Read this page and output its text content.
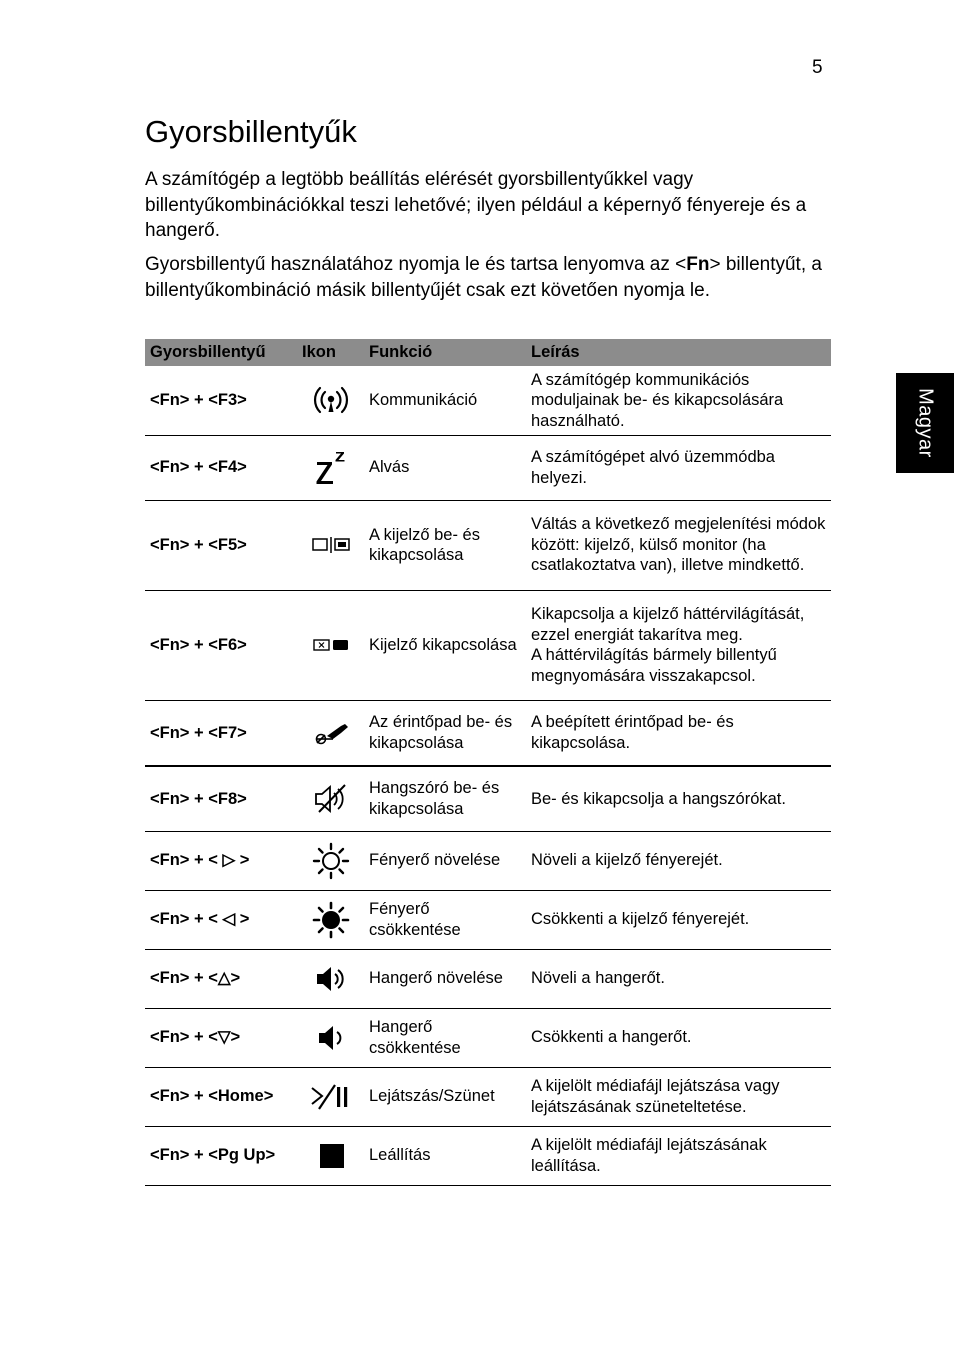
5
Gyorsbillentyűk

A számítógép a legtöbb beállítás elérését gyorsbillentyűkkel vagy billentyűkombinációkkal teszi lehetővé; ilyen például a képernyő fényereje és a hangerő.

Gyorsbillentyű használatához nyomja le és tartsa lenyomva az <Fn> billentyűt, a billentyűkombináció másik billentyűjét csak ezt követően nyomja le.

Magyar
Gyorsbillentyű	Ikon	Funkció	Leírás
<Fn> + <F3>		Kommunikáció	A számítógép kommunikációs moduljainak be- és kikapcsolására használható.
<Fn> + <F4>		Alvás	A számítógépet alvó üzemmódba helyezi.
<Fn> + <F5>		A kijelző be- és kikapcsolása	Váltás a következő megjelenítési módok között: kijelző, külső monitor (ha csatlakoztatva van), illetve mindkettő.
<Fn> + <F6>		Kijelző kikapcsolása	Kikapcsolja a kijelző háttérvilágítását, ezzel energiát takarítva meg.
A háttérvilágítás bármely billentyű megnyomására visszakapcsol.
<Fn> + <F7>		Az érintőpad be- és kikapcsolása	A beépített érintőpad be- és kikapcsolása.
<Fn> + <F8>		Hangszóró be- és kikapcsolása	Be- és kikapcsolja a hangszórókat.
<Fn> + < ▷ >		Fényerő növelése	Növeli a kijelző fényerejét.
<Fn> + < ◁ >		Fényerő csökkentése	Csökkenti a kijelző fényerejét.
<Fn> + <△>		Hangerő növelése	Növeli a hangerőt.
<Fn> + <▽>		Hangerő csökkentése	Csökkenti a hangerőt.
<Fn> + <Home>		Lejátszás/Szünet	A kijelölt médiafájl lejátszása vagy lejátszásának szüneteltetése.
<Fn> + <Pg Up>		Leállítás	A kijelölt médiafájl lejátszásának leállítása.
